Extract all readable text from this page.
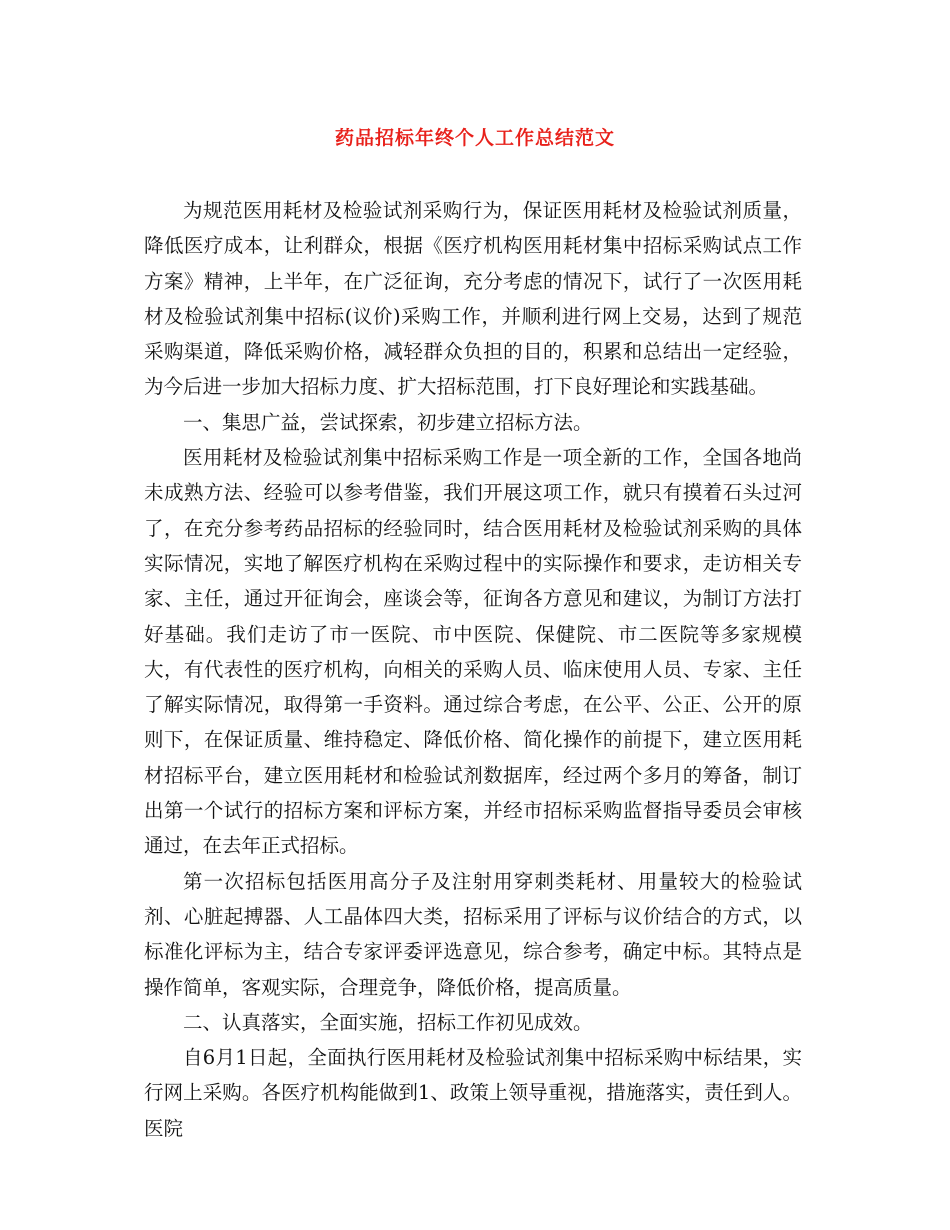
药品招标年终个人工作总结范文

为规范医用耗材及检验试剂采购行为，保证医用耗材及检验试剂质量，降低医疗成本，让利群众，根据《医疗机构医用耗材集中招标采购试点工作方案》精神，上半年，在广泛征询，充分考虑的情况下，试行了一次医用耗材及检验试剂集中招标(议价)采购工作，并顺利进行网上交易，达到了规范采购渠道，降低采购价格，减轻群众负担的目的，积累和总结出一定经验，为今后进一步加大招标力度、扩大招标范围，打下良好理论和实践基础。

一、集思广益，尝试探索，初步建立招标方法。

医用耗材及检验试剂集中招标采购工作是一项全新的工作，全国各地尚未成熟方法、经验可以参考借鉴，我们开展这项工作，就只有摸着石头过河了，在充分参考药品招标的经验同时，结合医用耗材及检验试剂采购的具体实际情况，实地了解医疗机构在采购过程中的实际操作和要求，走访相关专家、主任，通过开征询会，座谈会等，征询各方意见和建议，为制订方法打好基础。我们走访了市一医院、市中医院、保健院、市二医院等多家规模大，有代表性的医疗机构，向相关的采购人员、临床使用人员、专家、主任了解实际情况，取得第一手资料。通过综合考虑，在公平、公正、公开的原则下，在保证质量、维持稳定、降低价格、简化操作的前提下，建立医用耗材招标平台，建立医用耗材和检验试剂数据库，经过两个多月的筹备，制订出第一个试行的招标方案和评标方案，并经市招标采购监督指导委员会审核通过，在去年正式招标。

第一次招标包括医用高分子及注射用穿刺类耗材、用量较大的检验试剂、心脏起搏器、人工晶体四大类，招标采用了评标与议价结合的方式，以标准化评标为主，结合专家评委评选意见，综合参考，确定中标。其特点是操作简单，客观实际，合理竞争，降低价格，提高质量。

二、认真落实，全面实施，招标工作初见成效。

自6月1日起，全面执行医用耗材及检验试剂集中招标采购中标结果，实行网上采购。各医疗机构能做到1、政策上领导重视，措施落实，责任到人。医院
